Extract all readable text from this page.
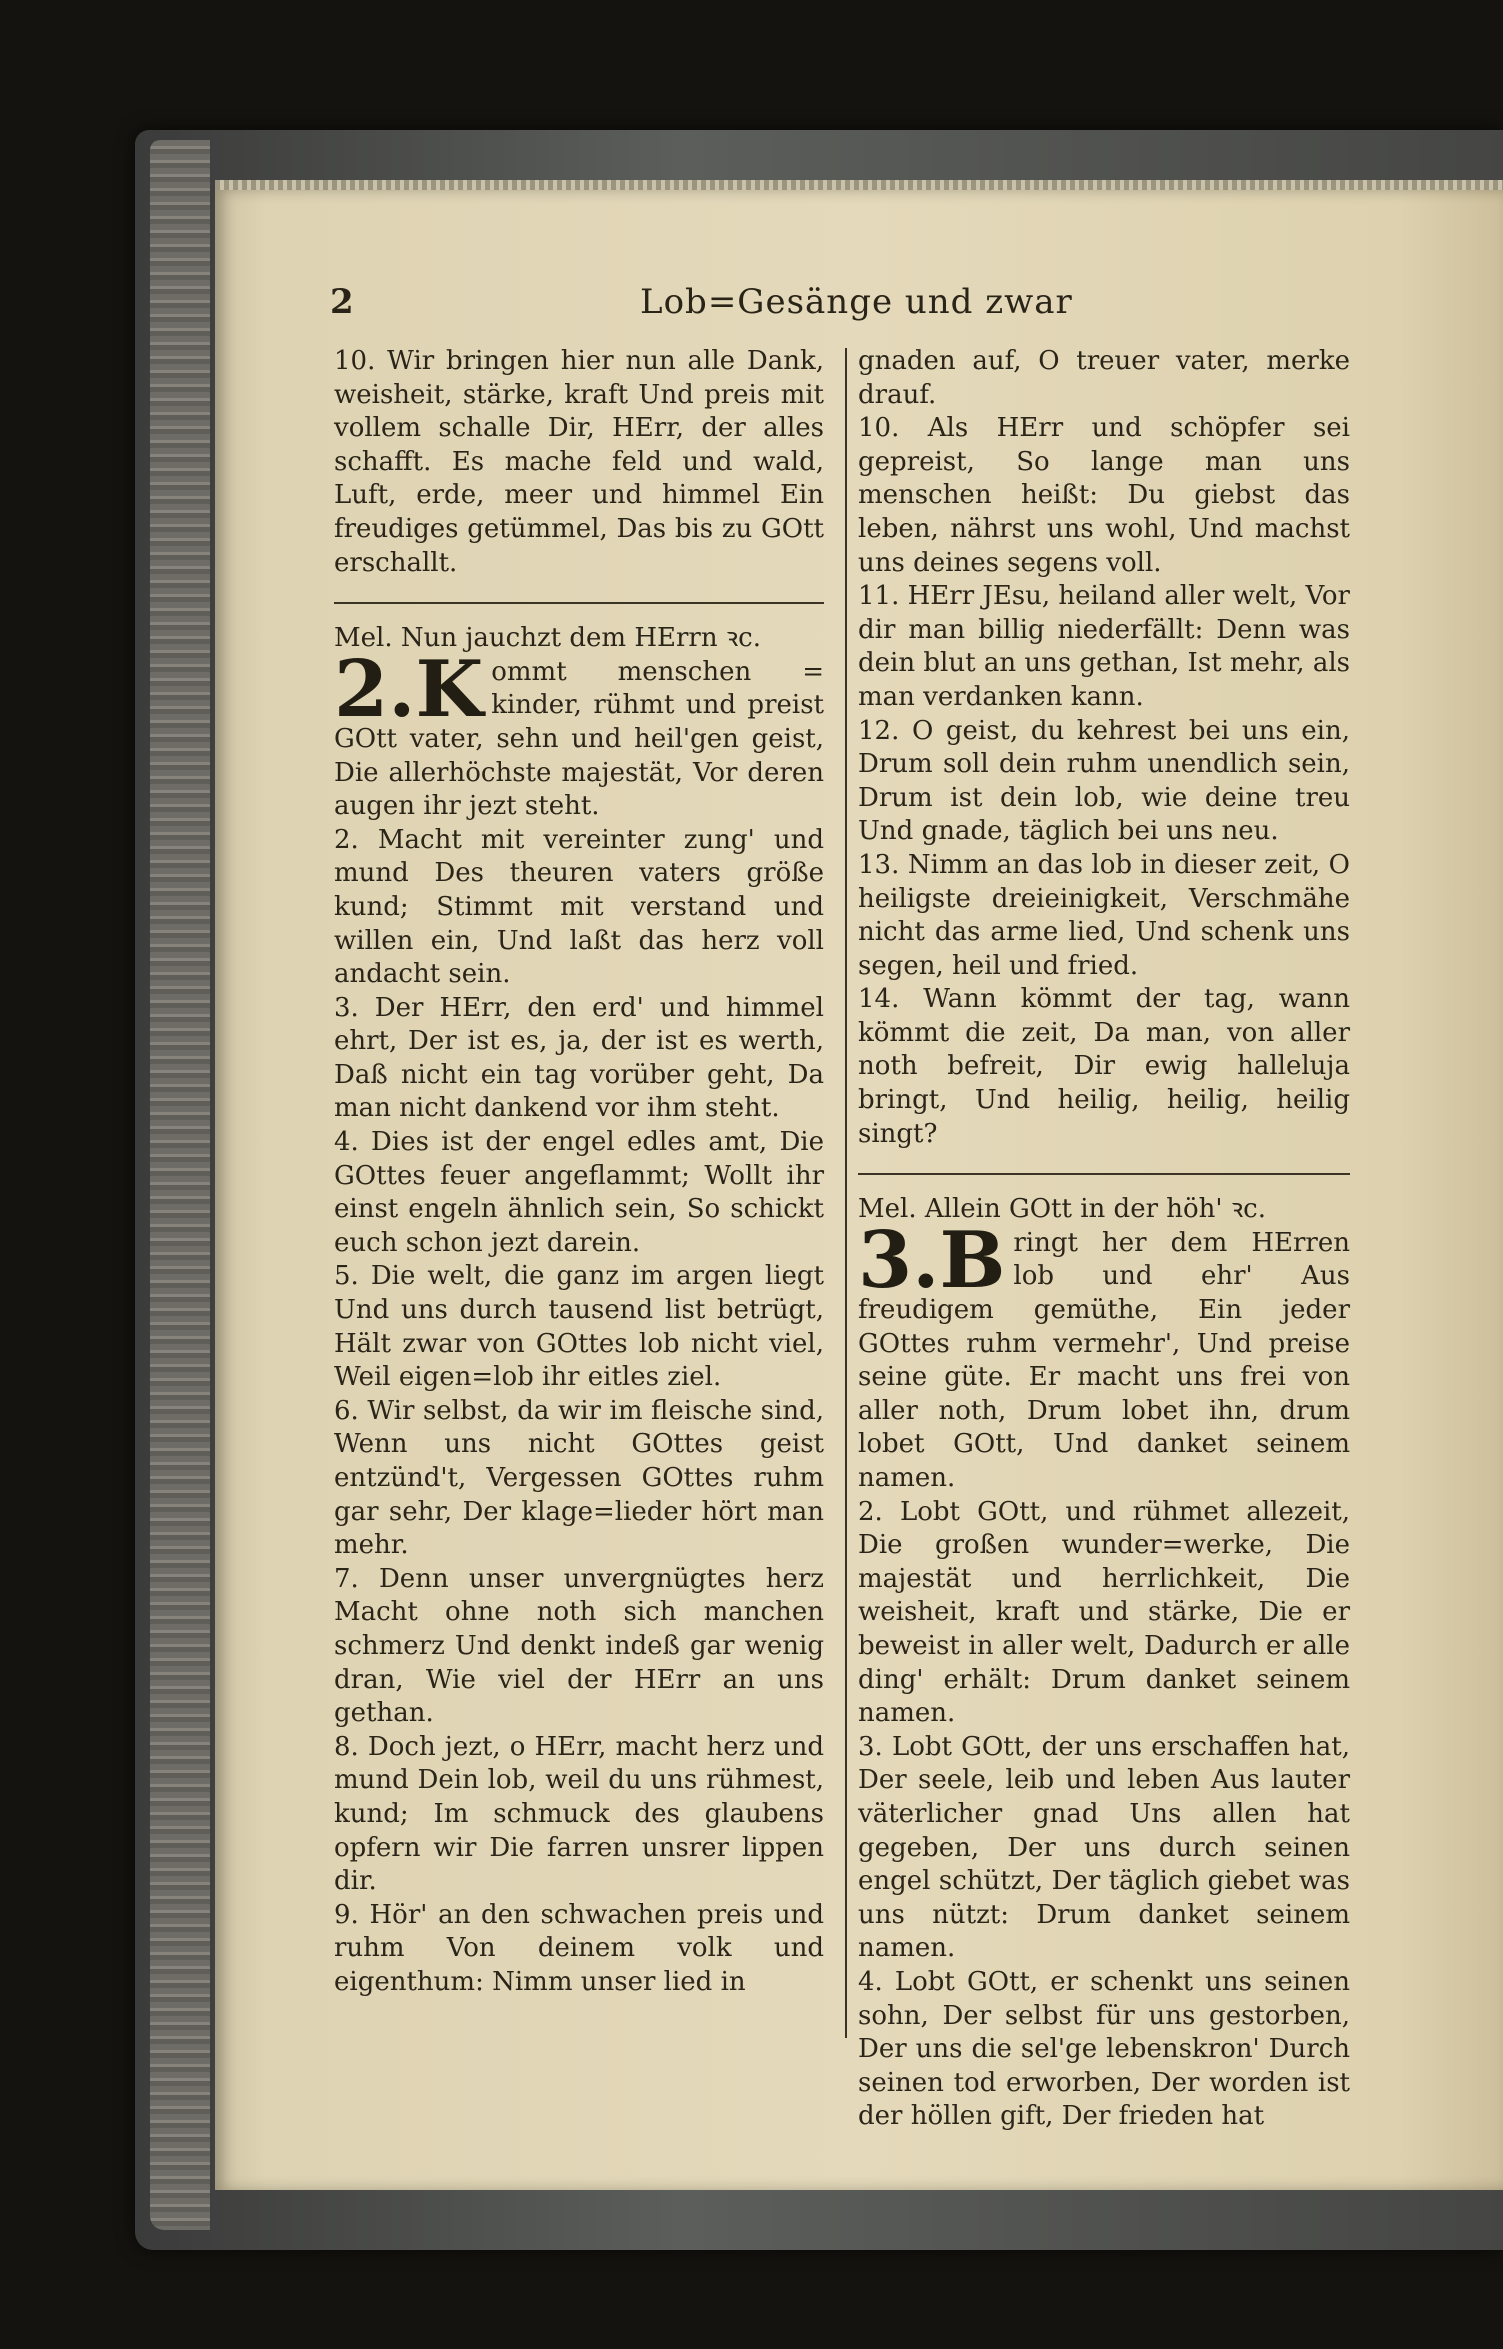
2	Lob=Gesänge und zwar

10. Wir bringen hier nun alle Dank, weisheit, stärke, kraft Und preis mit vollem schalle Dir, HErr, der alles schafft. Es mache feld und wald, Luft, erde, meer und himmel Ein freudiges getümmel, Das bis zu GOtt erschallt.

Mel. Nun jauchzt dem HErrn ꝛc.

2.K ommt menschen = kinder, rühmt und preist GOtt vater, sehn und heil'gen geist, Die allerhöchste majestät, Vor deren augen ihr jezt steht.

2. Macht mit vereinter zung' und mund Des theuren vaters größe kund; Stimmt mit verstand und willen ein, Und laßt das herz voll andacht sein.

3. Der HErr, den erd' und himmel ehrt, Der ist es, ja, der ist es werth, Daß nicht ein tag vorüber geht, Da man nicht dankend vor ihm steht.

4. Dies ist der engel edles amt, Die GOttes feuer angeflammt; Wollt ihr einst engeln ähnlich sein, So schickt euch schon jezt darein.

5. Die welt, die ganz im argen liegt Und uns durch tausend list betrügt, Hält zwar von GOttes lob nicht viel, Weil eigen=lob ihr eitles ziel.

6. Wir selbst, da wir im fleische sind, Wenn uns nicht GOttes geist entzünd't, Vergessen GOttes ruhm gar sehr, Der klage=lieder hört man mehr.

7. Denn unser unvergnügtes herz Macht ohne noth sich manchen schmerz Und denkt indeß gar wenig dran, Wie viel der HErr an uns gethan.

8. Doch jezt, o HErr, macht herz und mund Dein lob, weil du uns rühmest, kund; Im schmuck des glaubens opfern wir Die farren unsrer lippen dir.

9. Hör' an den schwachen preis und ruhm Von deinem volk und eigenthum: Nimm unser lied in

gnaden auf, O treuer vater, merke drauf.

10. Als HErr und schöpfer sei gepreist, So lange man uns menschen heißt: Du giebst das leben, nährst uns wohl, Und machst uns deines segens voll.

11. HErr JEsu, heiland aller welt, Vor dir man billig niederfällt: Denn was dein blut an uns gethan, Ist mehr, als man verdanken kann.

12. O geist, du kehrest bei uns ein, Drum soll dein ruhm unendlich sein, Drum ist dein lob, wie deine treu Und gnade, täglich bei uns neu.

13. Nimm an das lob in dieser zeit, O heiligste dreieinigkeit, Verschmähe nicht das arme lied, Und schenk uns segen, heil und fried.

14. Wann kömmt der tag, wann kömmt die zeit, Da man, von aller noth befreit, Dir ewig halleluja bringt, Und heilig, heilig, heilig singt?

Mel. Allein GOtt in der höh' ꝛc.

3.B ringt her dem HErren lob und ehr' Aus freudigem gemüthe, Ein jeder GOttes ruhm vermehr', Und preise seine güte. Er macht uns frei von aller noth, Drum lobet ihn, drum lobet GOtt, Und danket seinem namen.

2. Lobt GOtt, und rühmet allezeit, Die großen wunder=werke, Die majestät und herrlichkeit, Die weisheit, kraft und stärke, Die er beweist in aller welt, Dadurch er alle ding' erhält: Drum danket seinem namen.

3. Lobt GOtt, der uns erschaffen hat, Der seele, leib und leben Aus lauter väterlicher gnad Uns allen hat gegeben, Der uns durch seinen engel schützt, Der täglich giebet was uns nützt: Drum danket seinem namen.

4. Lobt GOtt, er schenkt uns seinen sohn, Der selbst für uns gestorben, Der uns die sel'ge lebenskron' Durch seinen tod erworben, Der worden ist der höllen gift, Der frieden hat
